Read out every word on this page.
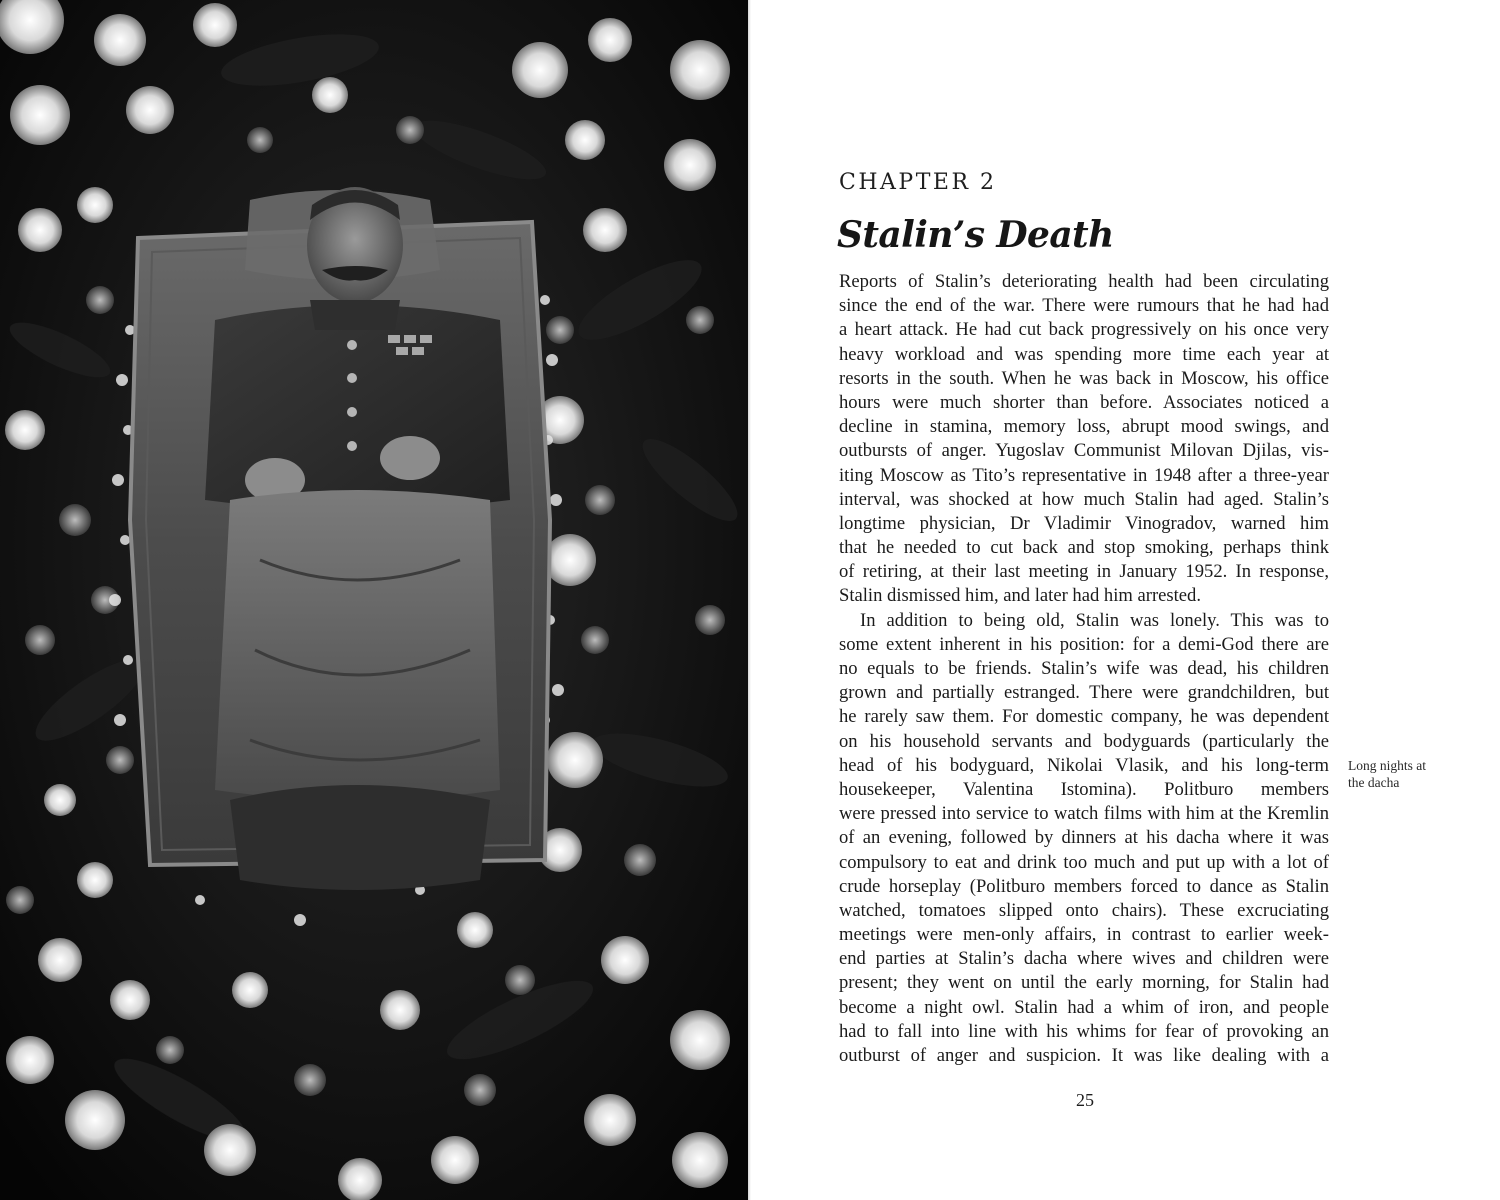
CHAPTER 2
Stalin’s Death
Reports of Stalin’s deteriorating health had been circulating
since the end of the war. There were rumours that he had had
a heart attack. He had cut back progressively on his once very
heavy workload and was spending more time each year at
resorts in the south. When he was back in Moscow, his office
hours were much shorter than before. Associates noticed a
decline in stamina, memory loss, abrupt mood swings, and
outbursts of anger. Yugoslav Communist Milovan Djilas, vis-
iting Moscow as Tito’s representative in 1948 after a three-year
interval, was shocked at how much Stalin had aged. Stalin’s
longtime physician, Dr Vladimir Vinogradov, warned him
that he needed to cut back and stop smoking, perhaps think
of retiring, at their last meeting in January 1952. In response,
Stalin dismissed him, and later had him arrested.
In addition to being old, Stalin was lonely. This was to
some extent inherent in his position: for a demi-God there are
no equals to be friends. Stalin’s wife was dead, his children
grown and partially estranged. There were grandchildren, but
he rarely saw them. For domestic company, he was dependent
on his household servants and bodyguards (particularly the
head of his bodyguard, Nikolai Vlasik, and his long-term
housekeeper, Valentina Istomina). Politburo members
were pressed into service to watch films with him at the Kremlin
of an evening, followed by dinners at his dacha where it was
compulsory to eat and drink too much and put up with a lot of
crude horseplay (Politburo members forced to dance as Stalin
watched, tomatoes slipped onto chairs). These excruciating
meetings were men-only affairs, in contrast to earlier week-
end parties at Stalin’s dacha where wives and children were
present; they went on until the early morning, for Stalin had
become a night owl. Stalin had a whim of iron, and people
had to fall into line with his whims for fear of provoking an
outburst of anger and suspicion. It was like dealing with a
Long nights at
the dacha
25
